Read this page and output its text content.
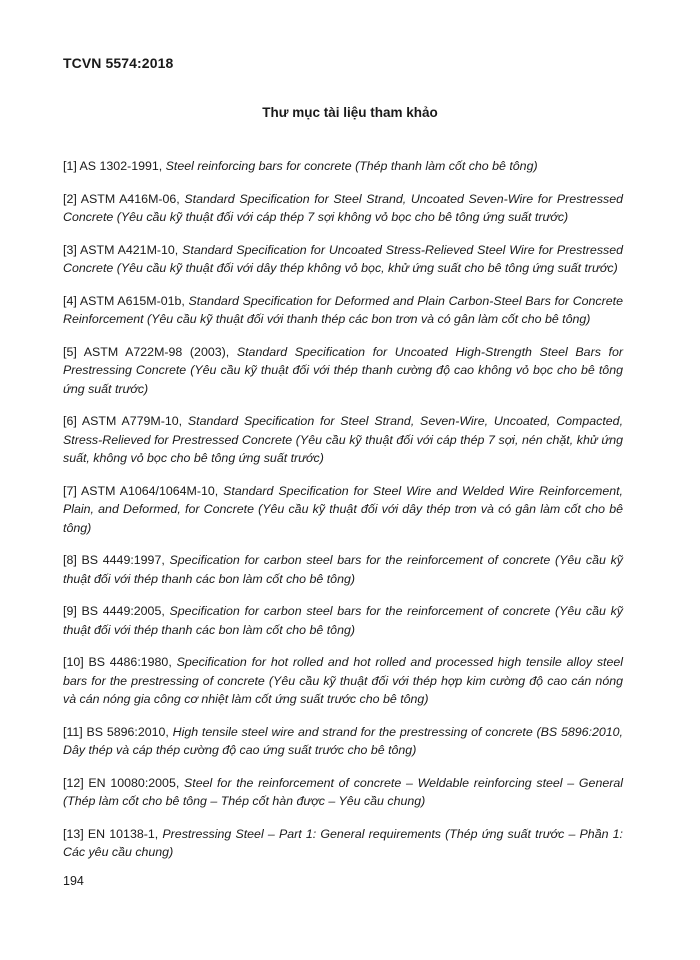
TCVN 5574:2018
Thư mục tài liệu tham khảo

[1] AS 1302-1991, Steel reinforcing bars for concrete (Thép thanh làm cốt cho bê tông)

[2] ASTM A416M-06, Standard Specification for Steel Strand, Uncoated Seven-Wire for Prestressed Concrete (Yêu cầu kỹ thuật đối với cáp thép 7 sợi không vỏ bọc cho bê tông ứng suất trước)

[3] ASTM A421M-10, Standard Specification for Uncoated Stress-Relieved Steel Wire for Prestressed Concrete (Yêu cầu kỹ thuật đối với dây thép không vỏ bọc, khử ứng suất cho bê tông ứng suất trước)

[4] ASTM A615M-01b, Standard Specification for Deformed and Plain Carbon-Steel Bars for Concrete Reinforcement (Yêu cầu kỹ thuật đối với thanh thép các bon trơn và có gân làm cốt cho bê tông)

[5] ASTM A722M-98 (2003), Standard Specification for Uncoated High-Strength Steel Bars for Prestressing Concrete (Yêu cầu kỹ thuật đối với thép thanh cường độ cao không vỏ bọc cho bê tông ứng suất trước)

[6] ASTM A779M-10, Standard Specification for Steel Strand, Seven-Wire, Uncoated, Compacted, Stress-Relieved for Prestressed Concrete (Yêu cầu kỹ thuật đối với cáp thép 7 sợi, nén chặt, khử ứng suất, không vỏ bọc cho bê tông ứng suất trước)

[7] ASTM A1064/1064M-10, Standard Specification for Steel Wire and Welded Wire Reinforcement, Plain, and Deformed, for Concrete (Yêu cầu kỹ thuật đối với dây thép trơn và có gân làm cốt cho bê tông)

[8] BS 4449:1997, Specification for carbon steel bars for the reinforcement of concrete (Yêu cầu kỹ thuật đối với thép thanh các bon làm cốt cho bê tông)

[9] BS 4449:2005, Specification for carbon steel bars for the reinforcement of concrete (Yêu cầu kỹ thuật đối với thép thanh các bon làm cốt cho bê tông)

[10] BS 4486:1980, Specification for hot rolled and hot rolled and processed high tensile alloy steel bars for the prestressing of concrete (Yêu cầu kỹ thuật đối với thép hợp kim cường độ cao cán nóng và cán nóng gia công cơ nhiệt làm cốt ứng suất trước cho bê tông)

[11] BS 5896:2010, High tensile steel wire and strand for the prestressing of concrete (BS 5896:2010, Dây thép và cáp thép cường độ cao ứng suất trước cho bê tông)

[12] EN 10080:2005, Steel for the reinforcement of concrete – Weldable reinforcing steel – General (Thép làm cốt cho bê tông – Thép cốt hàn được – Yêu cầu chung)

[13] EN 10138-1, Prestressing Steel – Part 1: General requirements (Thép ứng suất trước – Phần 1: Các yêu cầu chung)

194
